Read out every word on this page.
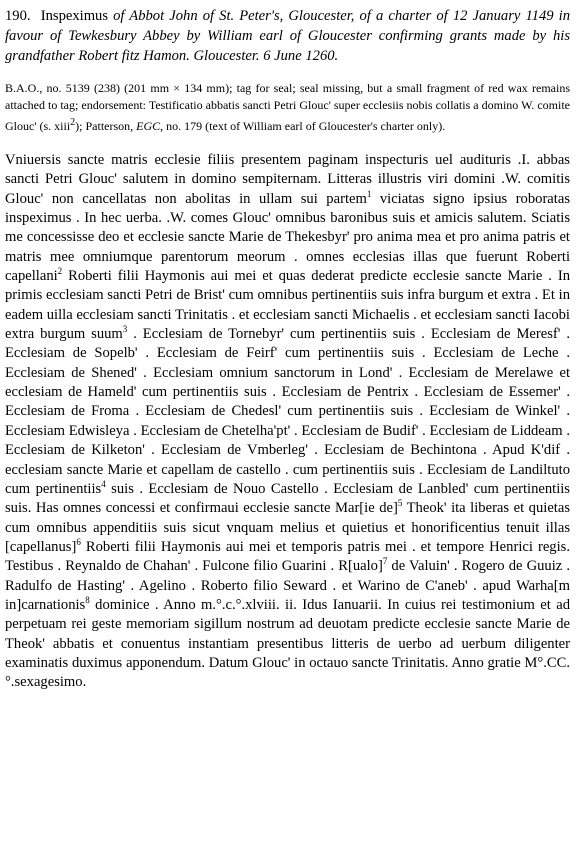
190. Inspeximus of Abbot John of St. Peter's, Gloucester, of a charter of 12 January 1149 in favour of Tewkesbury Abbey by William earl of Gloucester confirming grants made by his grandfather Robert fitz Hamon. Gloucester. 6 June 1260.

B.A.O., no. 5139 (238) (201 mm × 134 mm); tag for seal; seal missing, but a small fragment of red wax remains attached to tag; endorsement: Testificatio abbatis sancti Petri Glouc' super ecclesiis nobis collatis a domino W. comite Glouc' (s. xiii$^2$); Patterson, EGC, no. 179 (text of William earl of Gloucester's charter only).

Vniuersis sancte matris ecclesie filiis presentem paginam inspecturis uel audituris .I. abbas sancti Petri Glouc' salutem in domino sempiternam. Litteras illustris viri domini .W. comitis Glouc' non cancellatas non abolitas in ullam sui partem$^1$ viciatas signo ipsius roboratas inspeximus . In hec uerba. .W. comes Glouc' omnibus baronibus suis et amicis salutem. Sciatis me concessisse deo et ecclesie sancte Marie de Thekesbyr' pro anima mea et pro anima patris et matris mee omniumque parentorum meorum . omnes ecclesias illas que fuerunt Roberti capellani$^2$ Roberti filii Haymonis aui mei et quas dederat predicte ecclesie sancte Marie . In primis ecclesiam sancti Petri de Brist' cum omnibus pertinentiis suis infra burgum et extra . Et in eadem uilla ecclesiam sancti Trinitatis . et ecclesiam sancti Michaelis . et ecclesiam sancti Iacobi extra burgum suum$^3$ . Ecclesiam de Tornebyr' cum pertinentiis suis . Ecclesiam de Meresf' . Ecclesiam de Sopelb' . Ecclesiam de Feirf' cum pertinentiis suis . Ecclesiam de Leche . Ecclesiam de Shened' . Ecclesiam omnium sanctorum in Lond' . Ecclesiam de Merelawe et ecclesiam de Hameld' cum pertinentiis suis . Ecclesiam de Pentrix . Ecclesiam de Essemer' . Ecclesiam de Froma . Ecclesiam de Chedesl' cum pertinentiis suis . Ecclesiam de Winkel' . Ecclesiam Edwisleya . Ecclesiam de Chetelha'pt' . Ecclesiam de Budif' . Ecclesiam de Liddeam . Ecclesiam de Kilketon' . Ecclesiam de Vmberleg' . Ecclesiam de Bechintona . Apud K'dif . ecclesiam sancte Marie et capellam de castello . cum pertinentiis suis . Ecclesiam de Landiltuto cum pertinentiis$^4$ suis . Ecclesiam de Nouo Castello . Ecclesiam de Lanbled' cum pertinentiis suis. Has omnes concessi et confirmaui ecclesie sancte Mar[ie de]$^5$ Theok' ita liberas et quietas cum omnibus appenditiis suis sicut vnquam melius et quietius et honorificentius tenuit illas [capellanus]$^6$ Roberti filii Haymonis aui mei et temporis patris mei . et tempore Henrici regis. Testibus . Reynaldo de Chahan' . Fulcone filio Guarini . R[ualo]$^7$ de Valuin' . Rogero de Guuiz . Radulfo de Hasting' . Agelino . Roberto filio Seward . et Warino de C'aneb' . apud Warha[m in]carnationis$^8$ dominice . Anno m.°.c.°.xlviii. ii. Idus Ianuarii. In cuius rei testimonium et ad perpetuam rei geste memoriam sigillum nostrum ad deuotam predicte ecclesie sancte Marie de Theok' abbatis et conuentus instantiam presentibus litteris de uerbo ad uerbum diligenter examinatis duximus apponendum. Datum Glouc' in octauo sancte Trinitatis. Anno gratie M°.CC.°.sexagesimo.
